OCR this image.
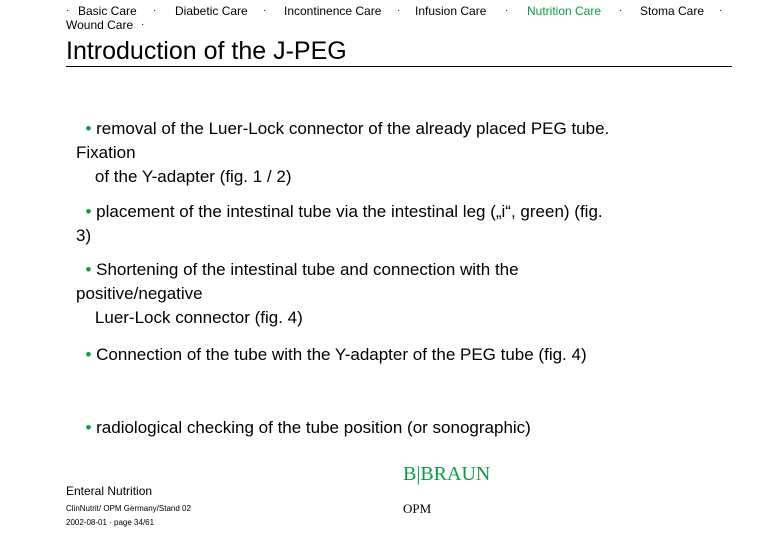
· Basic Care · Diabetic Care · Incontinence Care · Infusion Care · Nutrition Care · Stoma Care ·
Wound Care ·
Introduction of the J-PEG

• removal of the Luer-Lock connector of the already placed PEG tube.
Fixation
of the Y-adapter (fig. 1 / 2)

• placement of the intestinal tube via the intestinal leg („i“, green) (fig.
3)

• Shortening of the intestinal tube and connection with the
positive/negative
Luer-Lock connector (fig. 4)

• Connection of the tube with the Y-adapter of the PEG tube (fig. 4)

• radiological checking of the tube position (or sonographic)

Enteral Nutrition
ClinNutrit/ OPM Germany/Stand 02
2002-08-01 · page 34/61
B|BRAUN
OPM
